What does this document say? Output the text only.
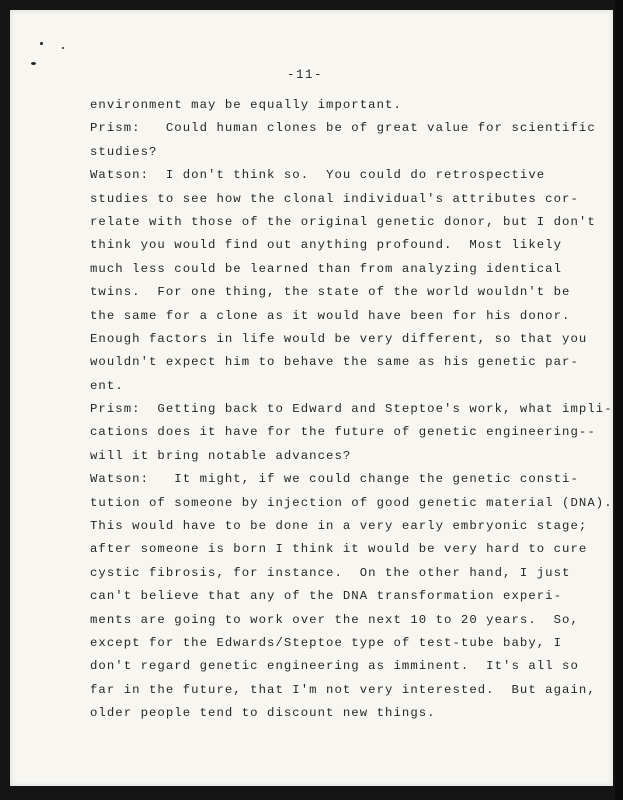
-11-
environment may be equally important.
Prism:   Could human clones be of great value for scientific
studies?
Watson:  I don't think so.  You could do retrospective
studies to see how the clonal individual's attributes cor-
relate with those of the original genetic donor, but I don't
think you would find out anything profound.  Most likely
much less could be learned than from analyzing identical
twins.  For one thing, the state of the world wouldn't be
the same for a clone as it would have been for his donor.
Enough factors in life would be very different, so that you
wouldn't expect him to behave the same as his genetic par-
ent.
Prism:  Getting back to Edward and Steptoe's work, what impli-
cations does it have for the future of genetic engineering--
will it bring notable advances?
Watson:   It might, if we could change the genetic consti-
tution of someone by injection of good genetic material (DNA).
This would have to be done in a very early embryonic stage;
after someone is born I think it would be very hard to cure
cystic fibrosis, for instance.  On the other hand, I just
can't believe that any of the DNA transformation experi-
ments are going to work over the next 10 to 20 years.  So,
except for the Edwards/Steptoe type of test-tube baby, I
don't regard genetic engineering as imminent.  It's all so
far in the future, that I'm not very interested.  But again,
older people tend to discount new things.
